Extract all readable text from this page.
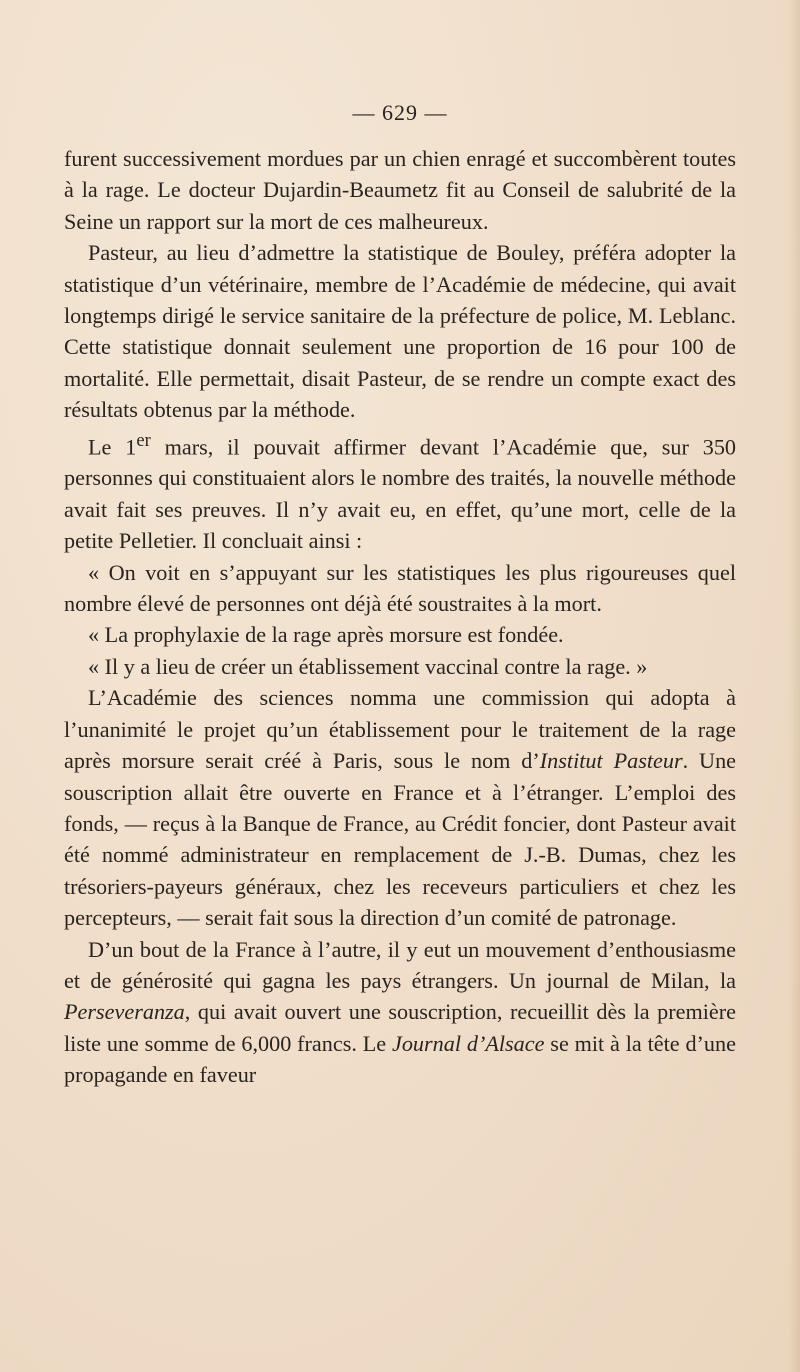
— 629 —

furent successivement mordues par un chien enragé et succombèrent toutes à la rage. Le docteur Dujardin-Beaumetz fit au Conseil de salubrité de la Seine un rapport sur la mort de ces malheureux.

Pasteur, au lieu d’admettre la statistique de Bouley, préféra adopter la statistique d’un vétérinaire, membre de l’Académie de médecine, qui avait longtemps dirigé le service sanitaire de la préfecture de police, M. Leblanc. Cette statistique donnait seulement une proportion de 16 pour 100 de mortalité. Elle permettait, disait Pasteur, de se rendre un compte exact des résultats obtenus par la méthode.

Le 1er mars, il pouvait affirmer devant l’Académie que, sur 350 personnes qui constituaient alors le nombre des traités, la nouvelle méthode avait fait ses preuves. Il n’y avait eu, en effet, qu’une mort, celle de la petite Pelletier. Il concluait ainsi :

« On voit en s’appuyant sur les statistiques les plus rigoureuses quel nombre élevé de personnes ont déjà été soustraites à la mort.

« La prophylaxie de la rage après morsure est fondée.

« Il y a lieu de créer un établissement vaccinal contre la rage. »

L’Académie des sciences nomma une commission qui adopta à l’unanimité le projet qu’un établissement pour le traitement de la rage après morsure serait créé à Paris, sous le nom d’Institut Pasteur. Une souscription allait être ouverte en France et à l’étranger. L’emploi des fonds, — reçus à la Banque de France, au Crédit foncier, dont Pasteur avait été nommé administrateur en remplacement de J.-B. Dumas, chez les trésoriers-payeurs généraux, chez les receveurs particuliers et chez les percepteurs, — serait fait sous la direction d’un comité de patronage.

D’un bout de la France à l’autre, il y eut un mouvement d’enthousiasme et de générosité qui gagna les pays étrangers. Un journal de Milan, la Perseveranza, qui avait ouvert une souscription, recueillit dès la première liste une somme de 6,000 francs. Le Journal d’Alsace se mit à la tête d’une propagande en faveur
